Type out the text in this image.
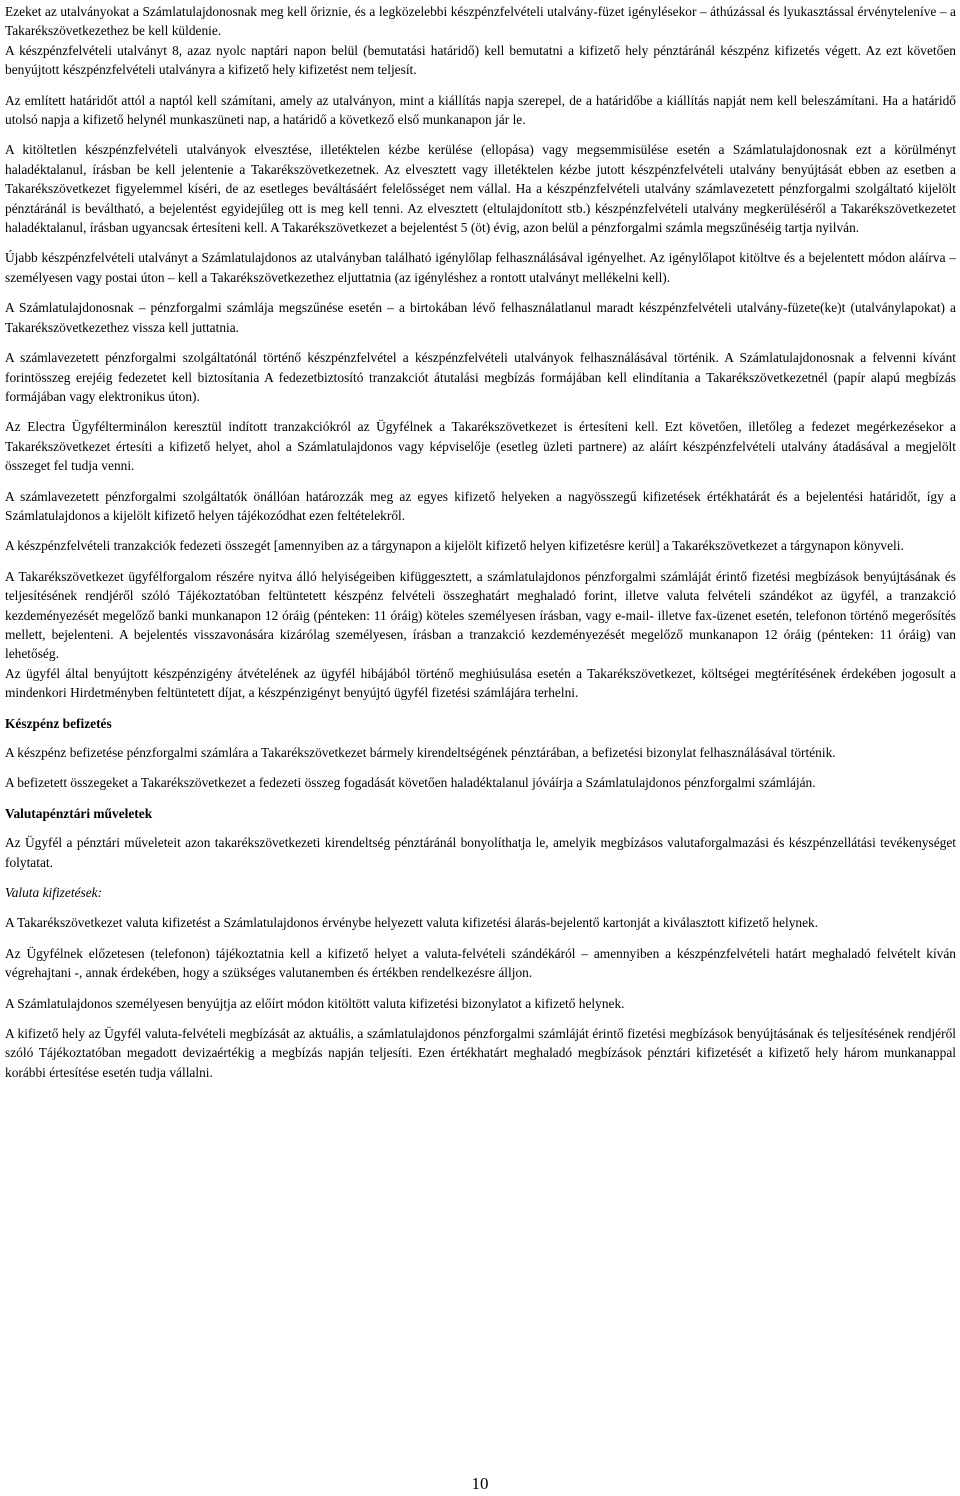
Ezeket az utalványokat a Számlatulajdonosnak meg kell őriznie, és a legközelebbi készpénzfelvételi utalvány-füzet igénylésekor – áthúzással és lyukasztással érvényteleníve – a Takarékszövetkezethez be kell küldenie.

A készpénzfelvételi utalványt 8, azaz nyolc naptári napon belül (bemutatási határidő) kell bemutatni a kifizető hely pénztáránál készpénz kifizetés végett. Az ezt követően benyújtott készpénzfelvételi utalványra a kifizető hely kifizetést nem teljesít.

Az említett határidőt attól a naptól kell számítani, amely az utalványon, mint a kiállítás napja szerepel, de a határidőbe a kiállítás napját nem kell beleszámítani. Ha a határidő utolsó napja a kifizető helynél munkaszüneti nap, a határidő a következő első munkanapon jár le.

A kitöltetlen készpénzfelvételi utalványok elvesztése, illetéktelen kézbe kerülése (ellopása) vagy megsemmisülése esetén a Számlatulajdonosnak ezt a körülményt haladéktalanul, írásban be kell jelentenie a Takarékszövetkezetnek. Az elvesztett vagy illetéktelen kézbe jutott készpénzfelvételi utalvány benyújtását ebben az esetben a Takarékszövetkezet figyelemmel kíséri, de az esetleges beváltásáért felelősséget nem vállal. Ha a készpénzfelvételi utalvány számlavezetett pénzforgalmi szolgáltató kijelölt pénztáránál is beváltható, a bejelentést egyidejűleg ott is meg kell tenni. Az elvesztett (eltulajdonított stb.) készpénzfelvételi utalvány megkerüléséről a Takarékszövetkezetet haladéktalanul, írásban ugyancsak értesíteni kell. A Takarékszövetkezet a bejelentést 5 (öt) évig, azon belül a pénzforgalmi számla megszűnéséig tartja nyilván.

Újabb készpénzfelvételi utalványt a Számlatulajdonos az utalványban található igénylőlap felhasználásával igényelhet. Az igénylőlapot kitöltve és a bejelentett módon aláírva – személyesen vagy postai úton – kell a Takarékszövetkezethez eljuttatnia (az igényléshez a rontott utalványt mellékelni kell).

A Számlatulajdonosnak – pénzforgalmi számlája megszűnése esetén – a birtokában lévő felhasználatlanul maradt készpénzfelvételi utalvány-füzete(ke)t (utalványlapokat) a Takarékszövetkezethez vissza kell juttatnia.

A számlavezetett pénzforgalmi szolgáltatónál történő készpénzfelvétel a készpénzfelvételi utalványok felhasználásával történik. A Számlatulajdonosnak a felvenni kívánt forintösszeg erejéig fedezetet kell biztosítania A fedezetbiztosító tranzakciót átutalási megbízás formájában kell elindítania a Takarékszövetkezetnél (papír alapú megbízás formájában vagy elektronikus úton).

Az Electra Ügyfélterminálon keresztül indított tranzakciókról az Ügyfélnek a Takarékszövetkezet is értesíteni kell. Ezt követően, illetőleg a fedezet megérkezésekor a Takarékszövetkezet értesíti a kifizető helyet, ahol a Számlatulajdonos vagy képviselője (esetleg üzleti partnere) az aláírt készpénzfelvételi utalvány átadásával a megjelölt összeget fel tudja venni.

A számlavezetett pénzforgalmi szolgáltatók önállóan határozzák meg az egyes kifizető helyeken a nagyösszegű kifizetések értékhatárát és a bejelentési határidőt, így a Számlatulajdonos a kijelölt kifizető helyen tájékozódhat ezen feltételekről.

A készpénzfelvételi tranzakciók fedezeti összegét [amennyiben az a tárgynapon a kijelölt kifizető helyen kifizetésre kerül] a Takarékszövetkezet a tárgynapon könyveli.

A Takarékszövetkezet ügyfélforgalom részére nyitva álló helyiségeiben kifüggesztett, a számlatulajdonos pénzforgalmi számláját érintő fizetési megbízások benyújtásának és teljesítésének rendjéről szóló Tájékoztatóban feltüntetett készpénz felvételi összeghatárt meghaladó forint, illetve valuta felvételi szándékot az ügyfél, a tranzakció kezdeményezését megelőző banki munkanapon 12 óráig (pénteken: 11 óráig) köteles személyesen írásban, vagy e-mail- illetve fax-üzenet esetén, telefonon történő megerősítés mellett, bejelenteni. A bejelentés visszavonására kizárólag személyesen, írásban a tranzakció kezdeményezését megelőző munkanapon 12 óráig (pénteken: 11 óráig) van lehetőség.

Az ügyfél által benyújtott készpénzigény átvételének az ügyfél hibájából történő meghiúsulása esetén a Takarékszövetkezet, költségei megtérítésének érdekében jogosult a mindenkori Hirdetményben feltüntetett díjat, a készpénzigényt benyújtó ügyfél fizetési számlájára terhelni.

Készpénz befizetés

A készpénz befizetése pénzforgalmi számlára a Takarékszövetkezet bármely kirendeltségének pénztárában, a befizetési bizonylat felhasználásával történik.

A befizetett összegeket a Takarékszövetkezet a fedezeti összeg fogadását követően haladéktalanul jóváírja a Számlatulajdonos pénzforgalmi számláján.

Valutapénztári műveletek

Az Ügyfél a pénztári műveleteit azon takarékszövetkezeti kirendeltség pénztáránál bonyolíthatja le, amelyik megbízásos valutaforgalmazási és készpénzellátási tevékenységet folytatat.

Valuta kifizetések:

A Takarékszövetkezet valuta kifizetést a Számlatulajdonos érvénybe helyezett valuta kifizetési álarás-bejelentő kartonját a kiválasztott kifizető helynek.

Az Ügyfélnek előzetesen (telefonon) tájékoztatnia kell a kifizető helyet a valuta-felvételi szándékáról – amennyiben a készpénzfelvételi határt meghaladó felvételt kíván végrehajtani -, annak érdekében, hogy a szükséges valutanemben és értékben rendelkezésre álljon.

A Számlatulajdonos személyesen benyújtja az előírt módon kitöltött valuta kifizetési bizonylatot a kifizető helynek.

A kifizető hely az Ügyfél valuta-felvételi megbízását az aktuális, a számlatulajdonos pénzforgalmi számláját érintő fizetési megbízások benyújtásának és teljesítésének rendjéről szóló Tájékoztatóban megadott devizaértékig a megbízás napján teljesíti. Ezen értékhatárt meghaladó megbízások pénztári kifizetését a kifizető hely három munkanappal korábbi értesítése esetén tudja vállalni.

10
